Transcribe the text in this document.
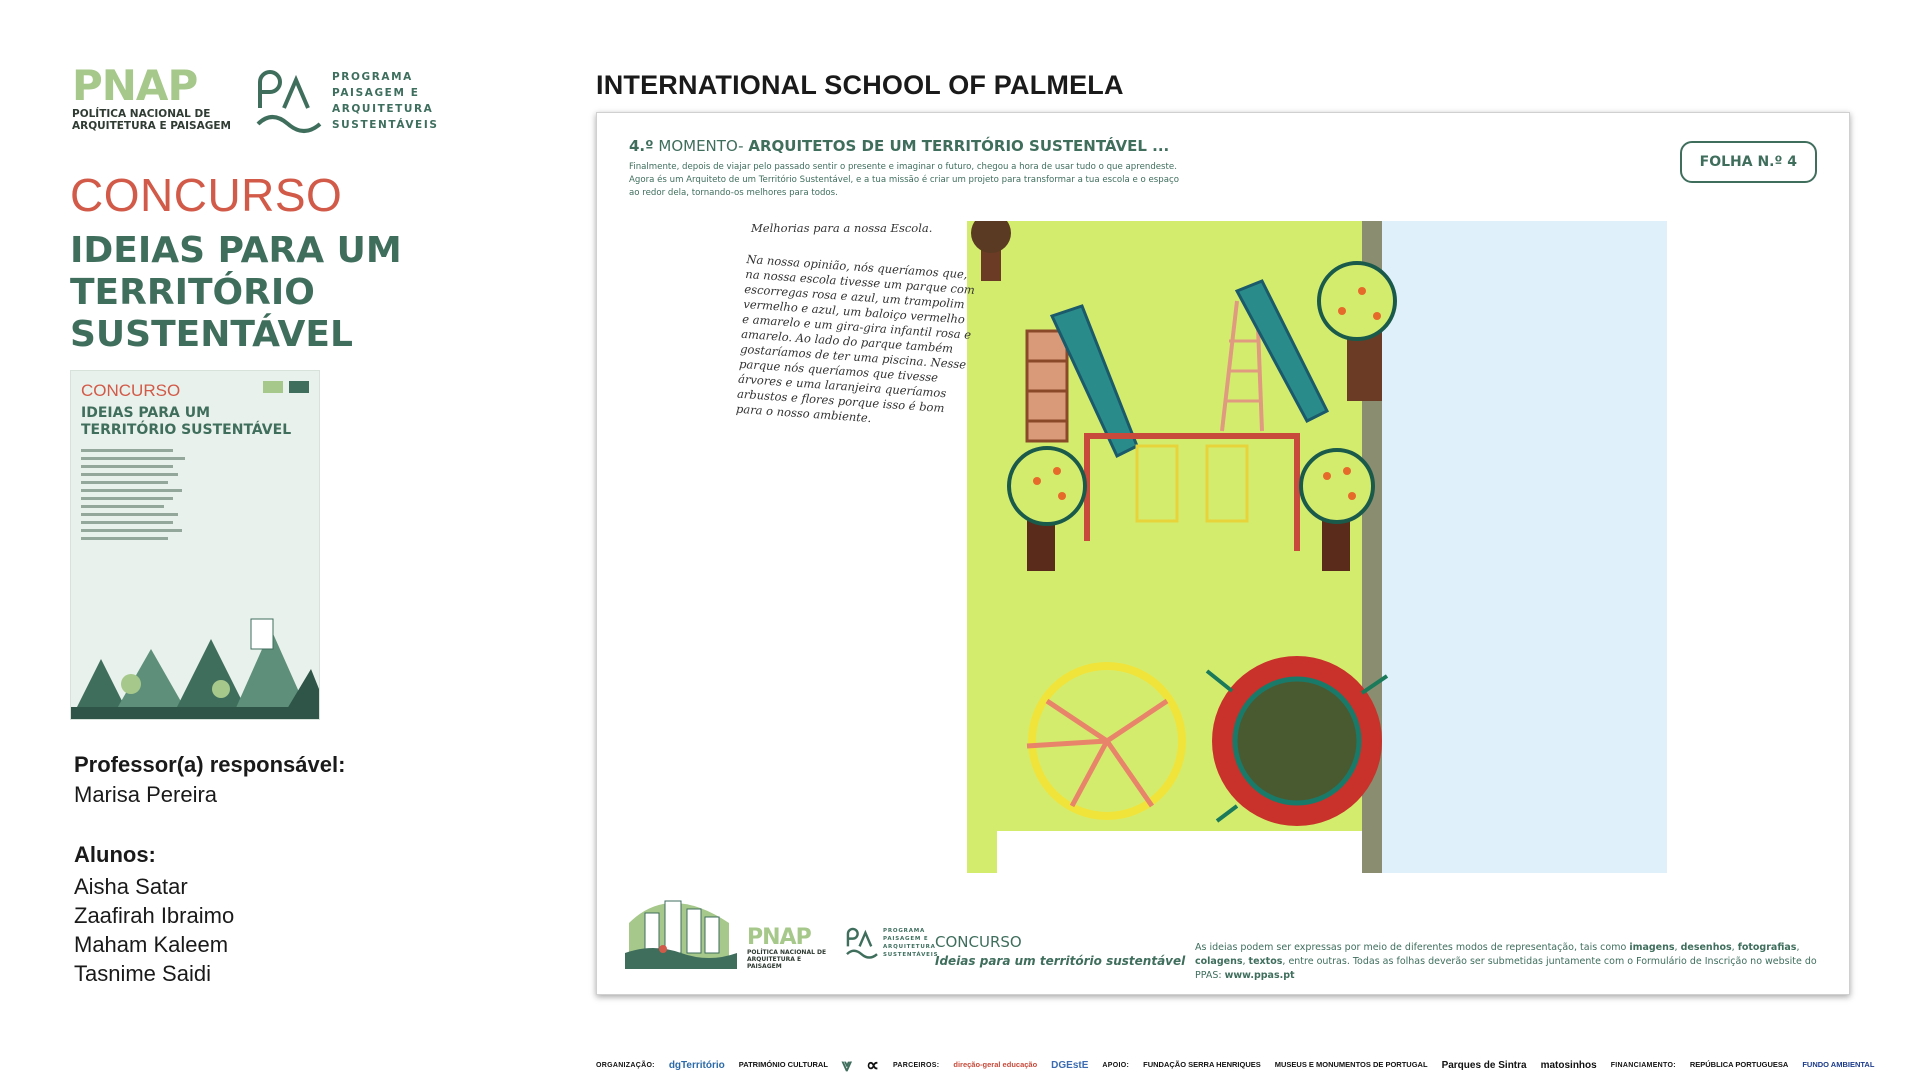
PNAP
POLÍTICA NACIONAL DE ARQUITETURA E PAISAGEM
PROGRAMA
PAISAGEM E
ARQUITETURA
SUSTENTÁVEIS
CONCURSO
IDEIAS PARA UM
TERRITÓRIO
SUSTENTÁVEL
CONCURSO
IDEIAS PARA UM TERRITÓRIO SUSTENTÁVEL
Professor(a) responsável:
Marisa Pereira
Alunos:
Aisha Satar
Zaafirah Ibraimo
Maham Kaleem
Tasnime Saidi
INTERNATIONAL SCHOOL OF PALMELA
4.º MOMENTO- ARQUITETOS DE UM TERRITÓRIO SUSTENTÁVEL ...
Finalmente, depois de viajar pelo passado sentir o presente e imaginar o futuro, chegou a hora de usar tudo o que aprendeste. Agora és um Arquiteto de um Território Sustentável, e a tua missão é criar um projeto para transformar a tua escola e o espaço ao redor dela, tornando-os melhores para todos.
FOLHA N.º 4
Melhorias para a nossa Escola.
Na nossa opinião, nós queríamos que, na nossa escola tivesse um parque com escorregas rosa e azul, um trampolim vermelho e azul, um baloiço vermelho e amarelo e um gira-gira infantil rosa e amarelo. Ao lado do parque também gostaríamos de ter uma piscina. Nesse parque nós queríamos que tivesse árvores e uma laranjeira queríamos arbustos e flores porque isso é bom para o nosso ambiente.
PNAP
POLÍTICA NACIONAL DE ARQUITETURA E PAISAGEM
PROGRAMA
PAISAGEM E
ARQUITETURA
SUSTENTÁVEIS
CONCURSO
Ideias para um território sustentável
As ideias podem ser expressas por meio de diferentes modos de representação, tais como imagens, desenhos, fotografias, colagens, textos, entre outras. Todas as folhas deverão ser submetidas juntamente com o Formulário de Inscrição no website do PPAS: www.ppas.pt
ORGANIZAÇÃO: dgTerritório PATRIMÓNIO CULTURAL ⩔ ∝ PARCEIROS: direção-geral educação DGEstE APOIO: FUNDAÇÃO SERRA HENRIQUES MUSEUS E MONUMENTOS DE PORTUGAL Parques de Sintra matosinhos FINANCIAMENTO: REPÚBLICA PORTUGUESA FUNDO AMBIENTAL
